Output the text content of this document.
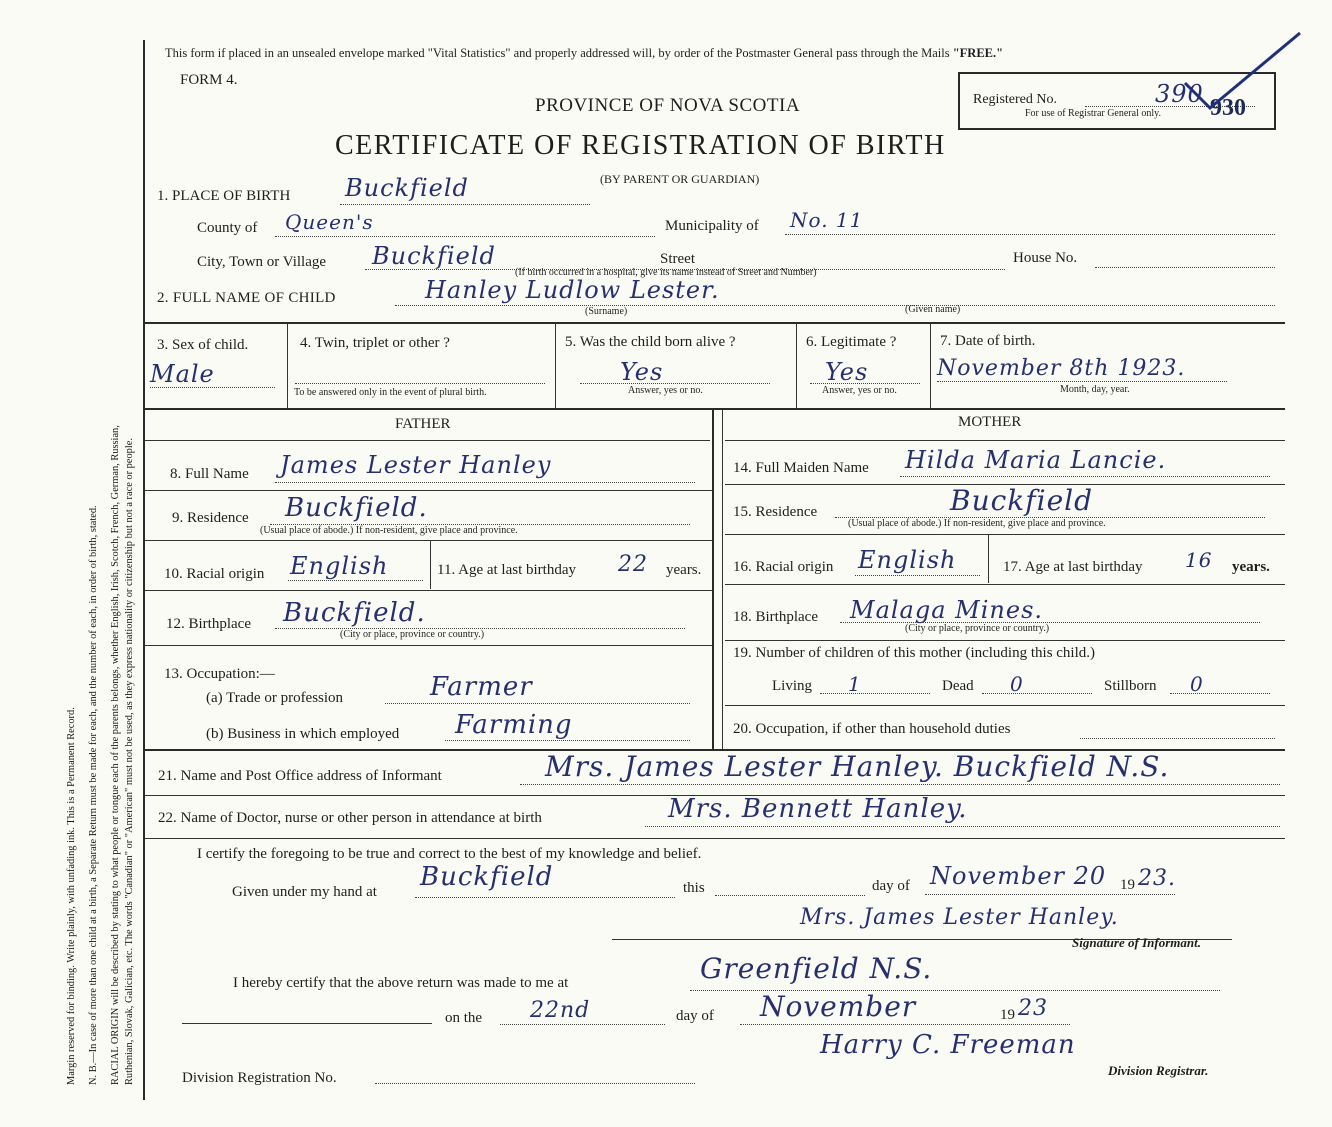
Margin reserved for binding. Write plainly, with unfading ink. This is a Permanent Record. N. B.—In case of more than one child at a birth, a Separate Return must be made for each, and the number of each, in order of birth, stated. RACIAL ORIGIN will be described by stating to what people or tongue each of the parents belongs, whether English, Irish, Scotch, French, German, Russian, Ruthenian, Slovak, Galician, etc. The words "Canadian" or "American" must not be used, as they express nationality or citizenship but not a race or people.
This form if placed in an unsealed envelope marked "Vital Statistics" and properly addressed will, by order of the Postmaster General pass through the Mails "FREE."
FORM 4.
PROVINCE OF NOVA SCOTIA
CERTIFICATE OF REGISTRATION OF BIRTH
(BY PARENT OR GUARDIAN)
Registered No.	390 930
For use of Registrar General only.
1. PLACE OF BIRTH Buckfield
County of Queen's	Municipality of No. 11
City, Town or Village Buckfield	Street	House No.
(If birth occurred in a hospital, give its name instead of Street and Number)
2. FULL NAME OF CHILD	Hanley Ludlow Lester.
(Surname)	(Given name)
3. Sex of child.
Male
4. Twin, triplet or other ?
To be answered only in the event of plural birth.
5. Was the child born alive ?
Yes
Answer, yes or no.
6. Legitimate ?
Yes
Answer, yes or no.
7. Date of birth.
November 8th 1923.
Month, day, year.
FATHER	MOTHER
8. Full Name James Lester Hanley
9. Residence Buckfield.
(Usual place of abode.) If non-resident, give place and province.
10. Racial origin English	11. Age at last birthday 22 years.
12. Birthplace Buckfield.
(City or place, province or country.)
13. Occupation:—
(a) Trade or profession	Farmer
(b) Business in which employed Farming
14. Full Maiden Name Hilda Maria Lancie.
15. Residence	Buckfield
(Usual place of abode.) If non-resident, give place and province.
16. Racial origin English	17. Age at last birthday 16 years.
18. Birthplace Malaga Mines.
(City or place, province or country.)
19. Number of children of this mother (including this child.)
Living 1	Dead 0	Stillborn 0
20. Occupation, if other than household duties
21. Name and Post Office address of Informant	Mrs. James Lester Hanley. Buckfield N.S.
22. Name of Doctor, nurse or other person in attendance at birth	Mrs. Bennett Hanley.
I certify the foregoing to be true and correct to the best of my knowledge and belief.
Given under my hand at Buckfield	this	day of November 20 19 23.
Mrs. James Lester Hanley.
Signature of Informant.
I hereby certify that the above return was made to me at	Greenfield N.S.
on the 22nd	day of November	19 23
Harry C. Freeman
Division Registrar.
Division Registration No.
